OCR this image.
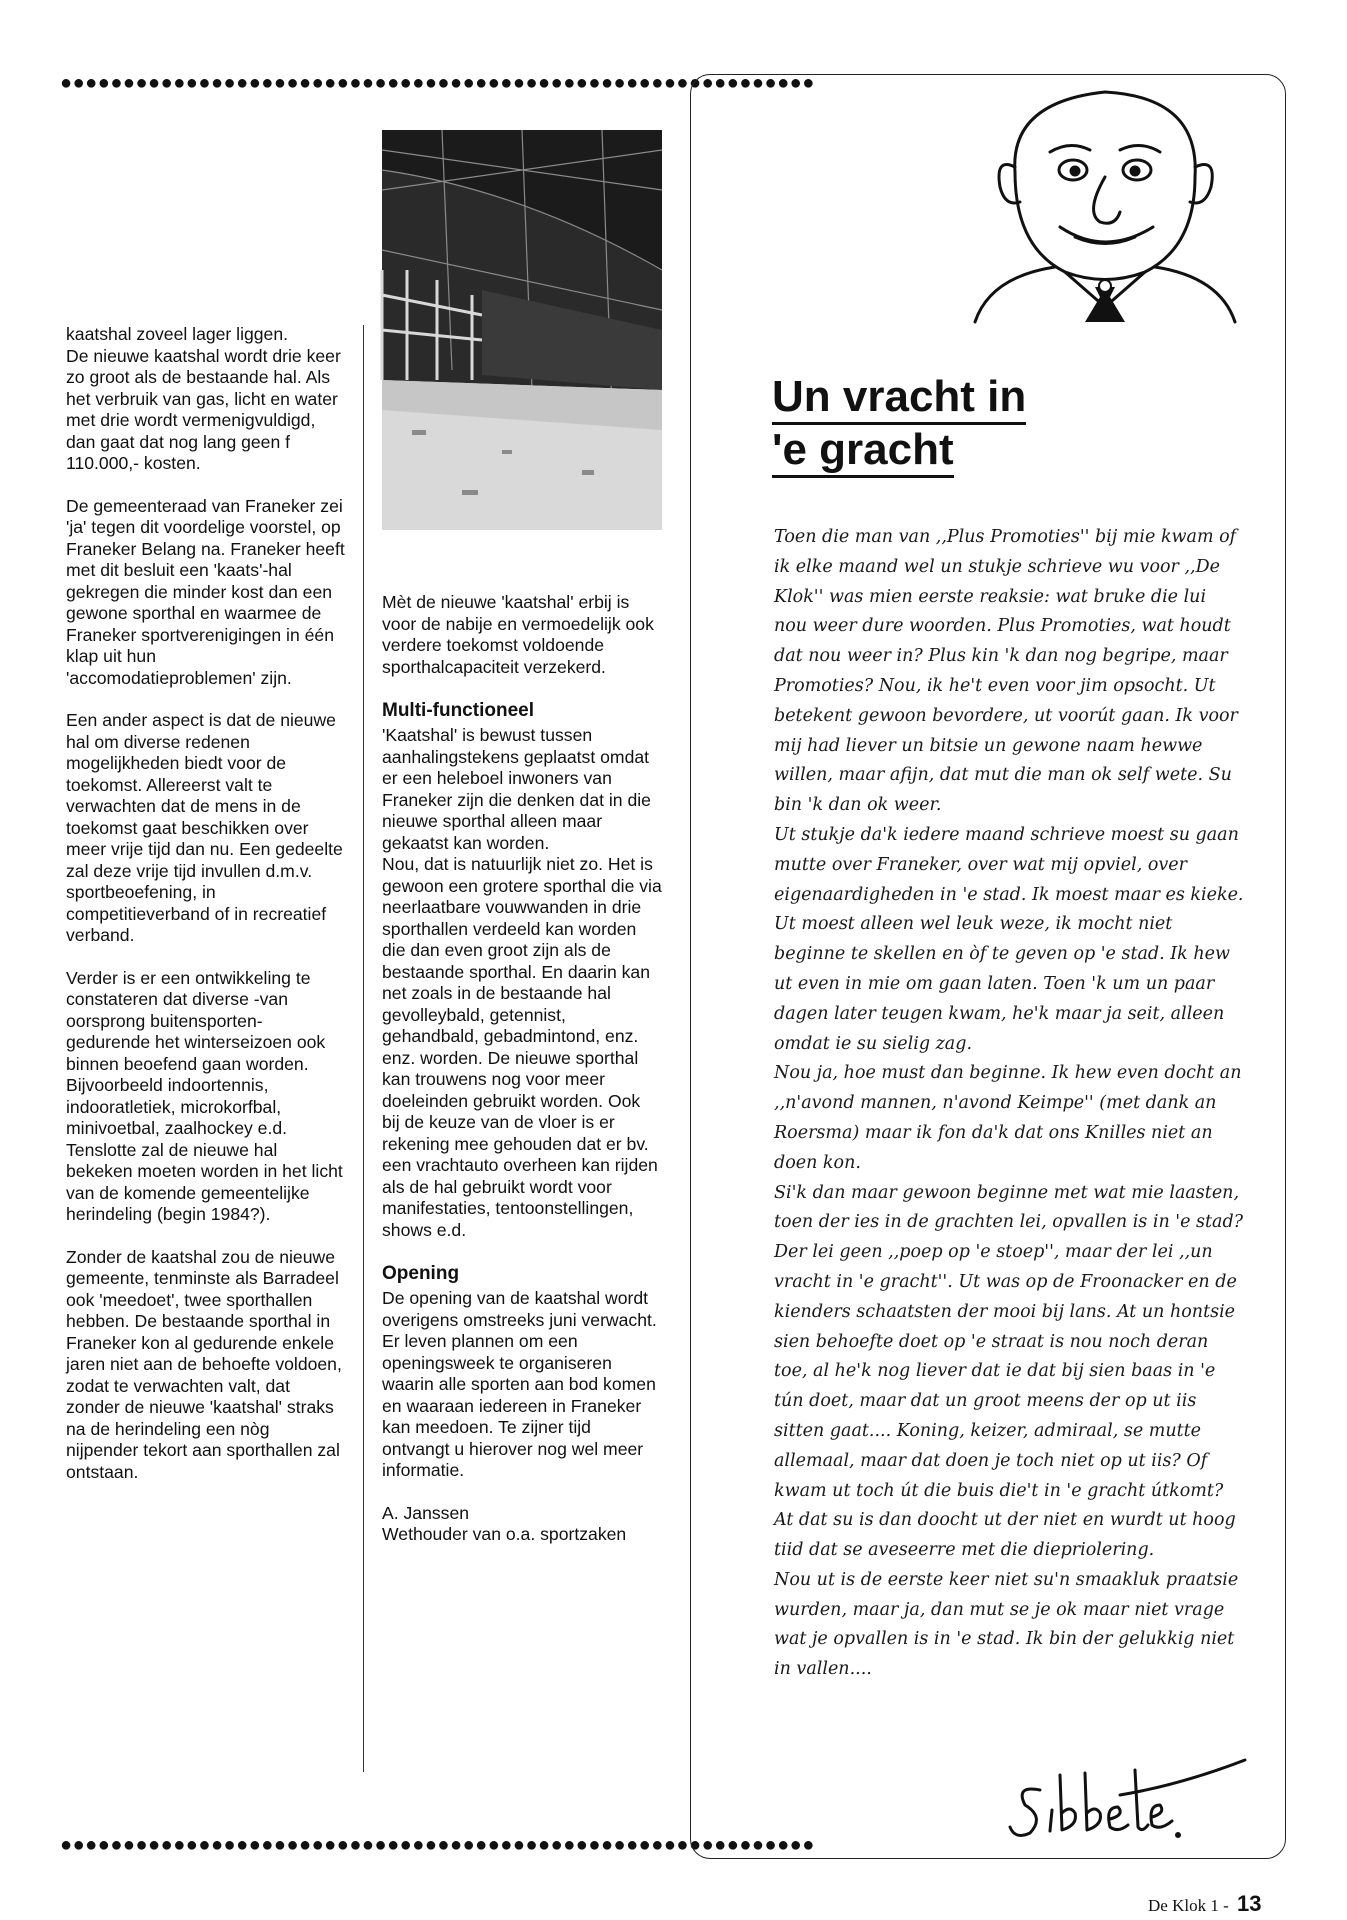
●●●●●●●●●●●●●●●●●●●●●●●●●●●●●●●●●●●●●●●●●●●●●●●●●●●●●●●●●●●●

kaatshal zoveel lager liggen.
De nieuwe kaatshal wordt drie keer zo groot als de bestaande hal. Als het verbruik van gas, licht en water met drie wordt vermenigvuldigd, dan gaat dat nog lang geen f 110.000,- kosten.

De gemeenteraad van Franeker zei 'ja' tegen dit voordelige voorstel, op Franeker Belang na. Franeker heeft met dit besluit een 'kaats'-hal gekregen die minder kost dan een gewone sporthal en waarmee de Franeker sportverenigingen in één klap uit hun 'accomodatieproblemen' zijn.

Een ander aspect is dat de nieuwe hal om diverse redenen mogelijkheden biedt voor de toekomst. Allereerst valt te verwachten dat de mens in de toekomst gaat beschikken over meer vrije tijd dan nu. Een gedeelte zal deze vrije tijd invullen d.m.v. sportbeoefening, in competitieverband of in recreatief verband.

Verder is er een ontwikkeling te constateren dat diverse -van oorsprong buitensporten- gedurende het winterseizoen ook binnen beoefend gaan worden. Bijvoorbeeld indoortennis, indooratletiek, microkorfbal, minivoetbal, zaalhockey e.d. Tenslotte zal de nieuwe hal bekeken moeten worden in het licht van de komende gemeentelijke herindeling (begin 1984?).

Zonder de kaatshal zou de nieuwe gemeente, tenminste als Barradeel ook 'meedoet', twee sporthallen hebben. De bestaande sporthal in Franeker kon al gedurende enkele jaren niet aan de behoefte voldoen, zodat te verwachten valt, dat zonder de nieuwe 'kaatshal' straks na de herindeling een nòg nijpender tekort aan sporthallen zal ontstaan.

Mèt de nieuwe 'kaatshal' erbij is voor de nabije en vermoedelijk ook verdere toekomst voldoende sporthalcapaciteit verzekerd.

Multi-functioneel

'Kaatshal' is bewust tussen aanhalingstekens geplaatst omdat er een heleboel inwoners van Franeker zijn die denken dat in die nieuwe sporthal alleen maar gekaatst kan worden.
Nou, dat is natuurlijk niet zo. Het is gewoon een grotere sporthal die via neerlaatbare vouwwanden in drie sporthallen verdeeld kan worden die dan even groot zijn als de bestaande sporthal. En daarin kan net zoals in de bestaande hal gevolleybald, getennist, gehandbald, gebadmintond, enz. enz. worden. De nieuwe sporthal kan trouwens nog voor meer doeleinden gebruikt worden. Ook bij de keuze van de vloer is er rekening mee gehouden dat er bv. een vrachtauto overheen kan rijden als de hal gebruikt wordt voor manifestaties, tentoonstellingen, shows e.d.

Opening

De opening van de kaatshal wordt overigens omstreeks juni verwacht. Er leven plannen om een openingsweek te organiseren waarin alle sporten aan bod komen en waaraan iedereen in Franeker kan meedoen. Te zijner tijd ontvangt u hierover nog wel meer informatie.

A. Janssen
Wethouder van o.a. sportzaken

●●●●●●●●●●●●●●●●●●●●●●●●●●●●●●●●●●●●●●●●●●●●●●●●●●●●●●●●●●●●
Un vracht in
'e gracht

Toen die man van ,,Plus Promoties'' bij mie kwam of ik elke maand wel un stukje schrieve wu voor ,,De Klok'' was mien eerste reaksie: wat bruke die lui nou weer dure woorden. Plus Promoties, wat houdt dat nou weer in? Plus kin 'k dan nog begripe, maar Promoties? Nou, ik he't even voor jim opsocht. Ut betekent gewoon bevordere, ut voorút gaan. Ik voor mij had liever un bitsie un gewone naam hewwe willen, maar afijn, dat mut die man ok self wete. Su bin 'k dan ok weer.

Ut stukje da'k iedere maand schrieve moest su gaan mutte over Franeker, over wat mij opviel, over eigenaardigheden in 'e stad. Ik moest maar es kieke. Ut moest alleen wel leuk weze, ik mocht niet beginne te skellen en òf te geven op 'e stad. Ik hew ut even in mie om gaan laten. Toen 'k um un paar dagen later teugen kwam, he'k maar ja seit, alleen omdat ie su sielig zag.

Nou ja, hoe must dan beginne. Ik hew even docht an ,,n'avond mannen, n'avond Keimpe'' (met dank an Roersma) maar ik fon da'k dat ons Knilles niet an doen kon.

Si'k dan maar gewoon beginne met wat mie laasten, toen der ies in de grachten lei, opvallen is in 'e stad? Der lei geen ,,poep op 'e stoep'', maar der lei ,,un vracht in 'e gracht''. Ut was op de Froonacker en de kienders schaatsten der mooi bij lans. At un hontsie sien behoefte doet op 'e straat is nou noch deran toe, al he'k nog liever dat ie dat bij sien baas in 'e tún doet, maar dat un groot meens der op ut iis sitten gaat.... Koning, keizer, admiraal, se mutte allemaal, maar dat doen je toch niet op ut iis? Of kwam ut toch út die buis die't in 'e gracht útkomt? At dat su is dan doocht ut der niet en wurdt ut hoog tiid dat se aveseerre met die diepriolering.

Nou ut is de eerste keer niet su'n smaakluk praatsie wurden, maar ja, dan mut se je ok maar niet vrage wat je opvallen is in 'e stad. Ik bin der gelukkig niet in vallen....

De Klok 1 - 13
